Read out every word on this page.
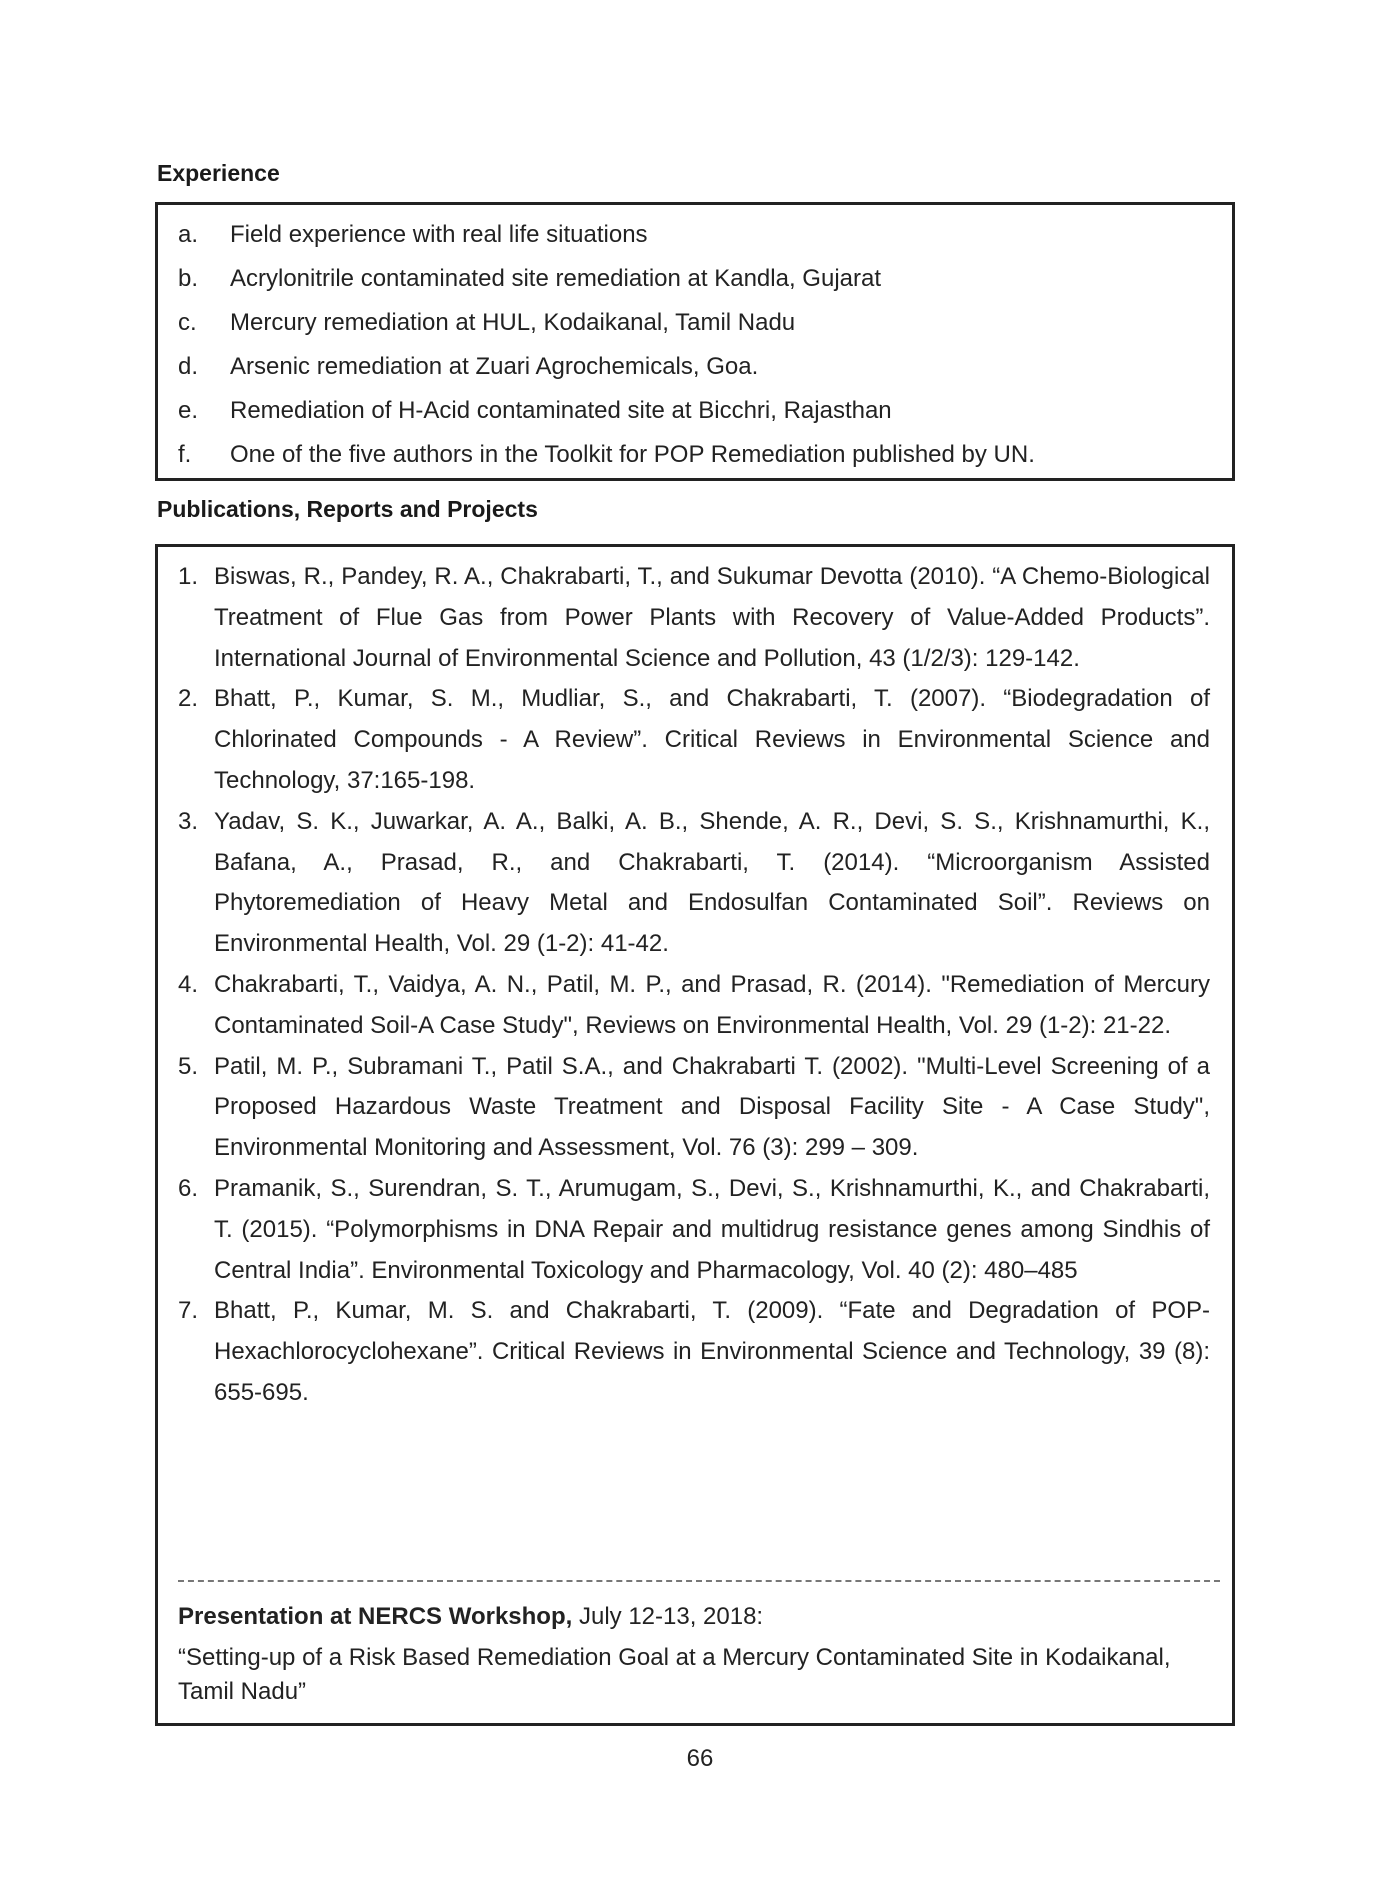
Experience
a.	Field experience with real life situations
b.	Acrylonitrile contaminated site remediation at Kandla, Gujarat
c.	Mercury remediation at HUL, Kodaikanal, Tamil Nadu
d.	Arsenic remediation at Zuari Agrochemicals, Goa.
e.	Remediation of H-Acid contaminated site at Bicchri, Rajasthan
f.	One of the five authors in the Toolkit for POP Remediation published by UN.
Publications, Reports and Projects
1. Biswas, R., Pandey, R. A., Chakrabarti, T., and Sukumar Devotta (2010). “A Chemo-Biological Treatment of Flue Gas from Power Plants with Recovery of Value-Added Products”. International Journal of Environmental Science and Pollution, 43 (1/2/3): 129-142.
2. Bhatt, P., Kumar, S. M., Mudliar, S., and Chakrabarti, T. (2007). “Biodegradation of Chlorinated Compounds - A Review”. Critical Reviews in Environmental Science and Technology, 37:165-198.
3. Yadav, S. K., Juwarkar, A. A., Balki, A. B., Shende, A. R., Devi, S. S., Krishnamurthi, K., Bafana, A., Prasad, R., and Chakrabarti, T. (2014). “Microorganism Assisted Phytoremediation of Heavy Metal and Endosulfan Contaminated Soil”. Reviews on Environmental Health, Vol. 29 (1-2): 41-42.
4. Chakrabarti, T., Vaidya, A. N., Patil, M. P., and Prasad, R. (2014). "Remediation of Mercury Contaminated Soil-A Case Study", Reviews on Environmental Health, Vol. 29 (1-2): 21-22.
5. Patil, M. P., Subramani T., Patil S.A., and Chakrabarti T. (2002). "Multi-Level Screening of a Proposed Hazardous Waste Treatment and Disposal Facility Site - A Case Study", Environmental Monitoring and Assessment, Vol. 76 (3): 299 – 309.
6. Pramanik, S., Surendran, S. T., Arumugam, S., Devi, S., Krishnamurthi, K., and Chakrabarti, T. (2015). “Polymorphisms in DNA Repair and multidrug resistance genes among Sindhis of Central India”. Environmental Toxicology and Pharmacology, Vol. 40 (2): 480–485
7. Bhatt, P., Kumar, M. S. and Chakrabarti, T. (2009). “Fate and Degradation of POP-Hexachlorocyclohexane”. Critical Reviews in Environmental Science and Technology, 39 (8): 655-695.
Presentation at NERCS Workshop, July 12-13, 2018:
“Setting-up of a Risk Based Remediation Goal at a Mercury Contaminated Site in Kodaikanal, Tamil Nadu”
66
